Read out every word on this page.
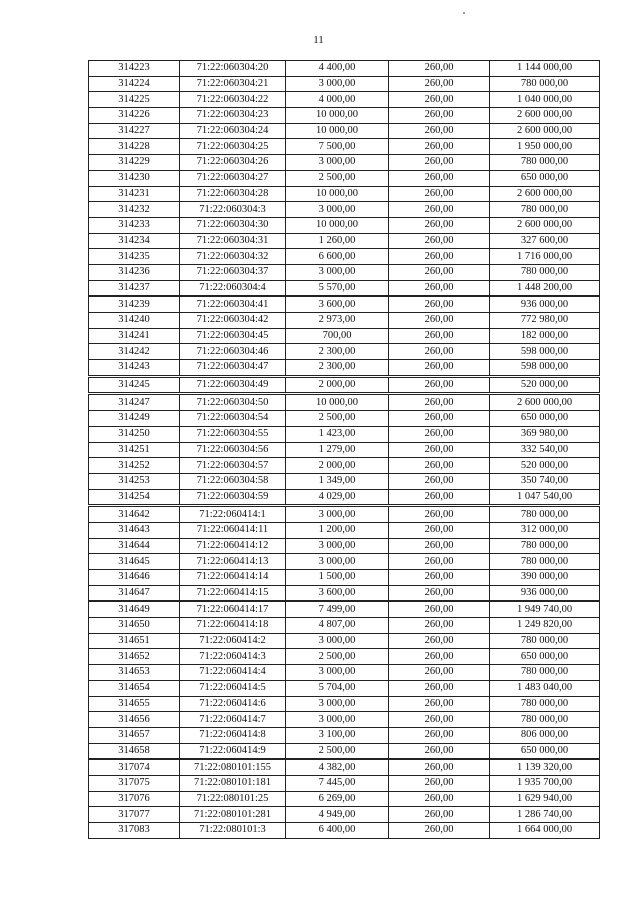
11
314223	71:22:060304:20	4 400,00	260,00	1 144 000,00
314224	71:22:060304:21	3 000,00	260,00	780 000,00
314225	71:22:060304:22	4 000,00	260,00	1 040 000,00
314226	71:22:060304:23	10 000,00	260,00	2 600 000,00
314227	71:22:060304:24	10 000,00	260,00	2 600 000,00
314228	71:22:060304:25	7 500,00	260,00	1 950 000,00
314229	71:22:060304:26	3 000,00	260,00	780 000,00
314230	71:22:060304:27	2 500,00	260,00	650 000,00
314231	71:22:060304:28	10 000,00	260,00	2 600 000,00
314232	71:22:060304:3	3 000,00	260,00	780 000,00
314233	71:22:060304:30	10 000,00	260,00	2 600 000,00
314234	71:22:060304:31	1 260,00	260,00	327 600,00
314235	71:22:060304:32	6 600,00	260,00	1 716 000,00
314236	71:22:060304:37	3 000,00	260,00	780 000,00
314237	71:22:060304:4	5 570,00	260,00	1 448 200,00
314239	71:22:060304:41	3 600,00	260,00	936 000,00
314240	71:22:060304:42	2 973,00	260,00	772 980,00
314241	71:22:060304:45	700,00	260,00	182 000,00
314242	71:22:060304:46	2 300,00	260,00	598 000,00
314243	71:22:060304:47	2 300,00	260,00	598 000,00
314245	71:22:060304:49	2 000,00	260,00	520 000,00
314247	71:22:060304:50	10 000,00	260,00	2 600 000,00
314249	71:22:060304:54	2 500,00	260,00	650 000,00
314250	71:22:060304:55	1 423,00	260,00	369 980,00
314251	71:22:060304:56	1 279,00	260,00	332 540,00
314252	71:22:060304:57	2 000,00	260,00	520 000,00
314253	71:22:060304:58	1 349,00	260,00	350 740,00
314254	71:22:060304:59	4 029,00	260,00	1 047 540,00
314642	71:22:060414:1	3 000,00	260,00	780 000,00
314643	71:22:060414:11	1 200,00	260,00	312 000,00
314644	71:22:060414:12	3 000,00	260,00	780 000,00
314645	71:22:060414:13	3 000,00	260,00	780 000,00
314646	71:22:060414:14	1 500,00	260,00	390 000,00
314647	71:22:060414:15	3 600,00	260,00	936 000,00
314649	71:22:060414:17	7 499,00	260,00	1 949 740,00
314650	71:22:060414:18	4 807,00	260,00	1 249 820,00
314651	71:22:060414:2	3 000,00	260,00	780 000,00
314652	71:22:060414:3	2 500,00	260,00	650 000,00
314653	71:22:060414:4	3 000,00	260,00	780 000,00
314654	71:22:060414:5	5 704,00	260,00	1 483 040,00
314655	71:22:060414:6	3 000,00	260,00	780 000,00
314656	71:22:060414:7	3 000,00	260,00	780 000,00
314657	71:22:060414:8	3 100,00	260,00	806 000,00
314658	71:22:060414:9	2 500,00	260,00	650 000,00
317074	71:22:080101:155	4 382,00	260,00	1 139 320,00
317075	71:22:080101:181	7 445,00	260,00	1 935 700,00
317076	71:22:080101:25	6 269,00	260,00	1 629 940,00
317077	71:22:080101:281	4 949,00	260,00	1 286 740,00
317083	71:22:080101:3	6 400,00	260,00	1 664 000,00
